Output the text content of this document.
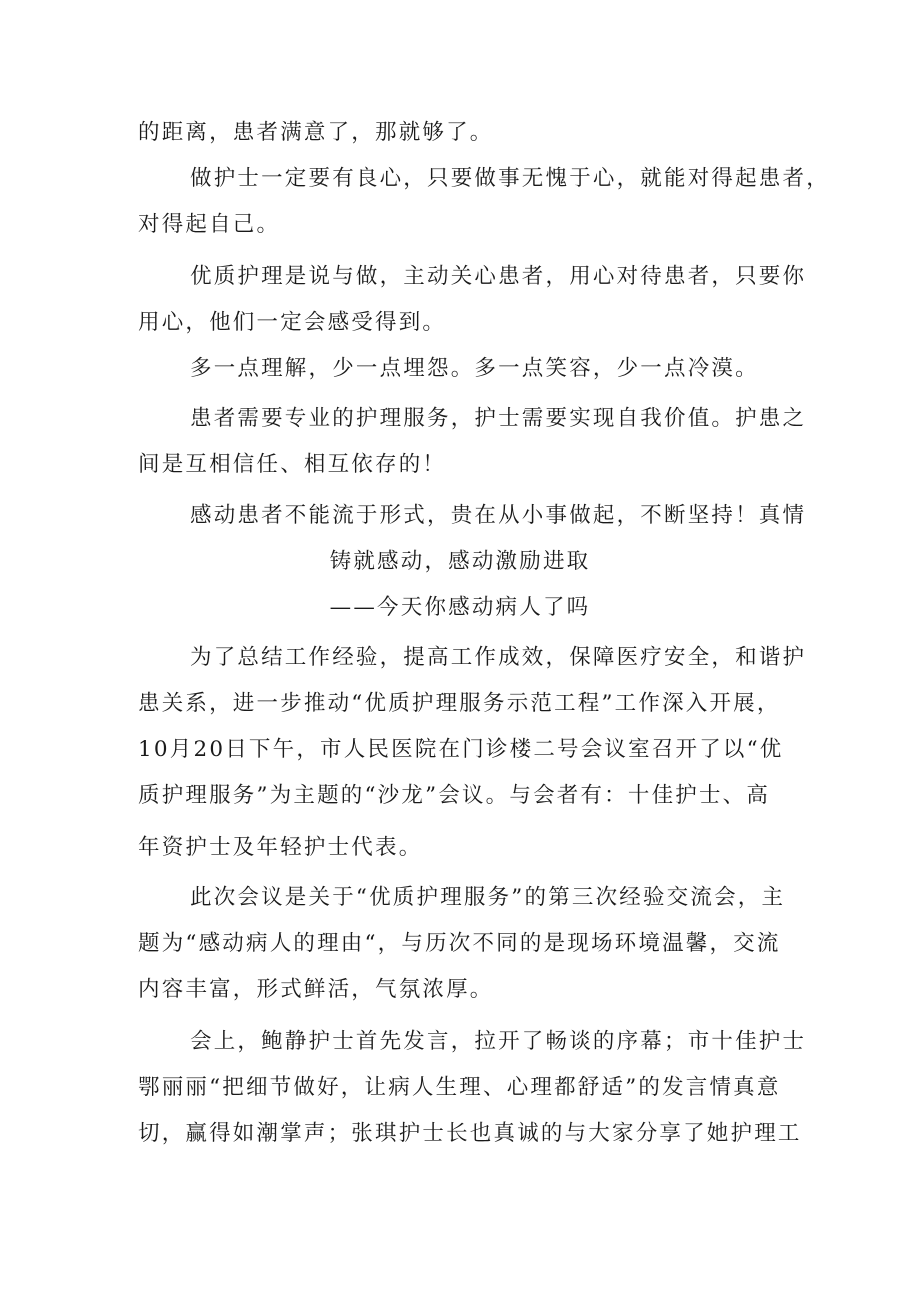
的距离，患者满意了，那就够了。
做护士一定要有良心，只要做事无愧于心，就能对得起患者，
对得起自己。
优质护理是说与做，主动关心患者，用心对待患者，只要你
用心，他们一定会感受得到。
多一点理解，少一点埋怨。多一点笑容，少一点冷漠。
患者需要专业的护理服务，护士需要实现自我价值。护患之
间是互相信任、相互依存的！
感动患者不能流于形式，贵在从小事做起，不断坚持！真情
铸就感动，感动激励进取
——今天你感动病人了吗
为了总结工作经验，提高工作成效，保障医疗安全，和谐护
患关系，进一步推动“优质护理服务示范工程”工作深入开展，
10月20日下午，市人民医院在门诊楼二号会议室召开了以“优
质护理服务”为主题的“沙龙”会议。与会者有：十佳护士、高
年资护士及年轻护士代表。
此次会议是关于“优质护理服务”的第三次经验交流会，主
题为“感动病人的理由“，与历次不同的是现场环境温馨，交流
内容丰富，形式鲜活，气氛浓厚。
会上，鲍静护士首先发言，拉开了畅谈的序幕；市十佳护士
鄂丽丽“把细节做好，让病人生理、心理都舒适”的发言情真意
切，赢得如潮掌声；张琪护士长也真诚的与大家分享了她护理工
